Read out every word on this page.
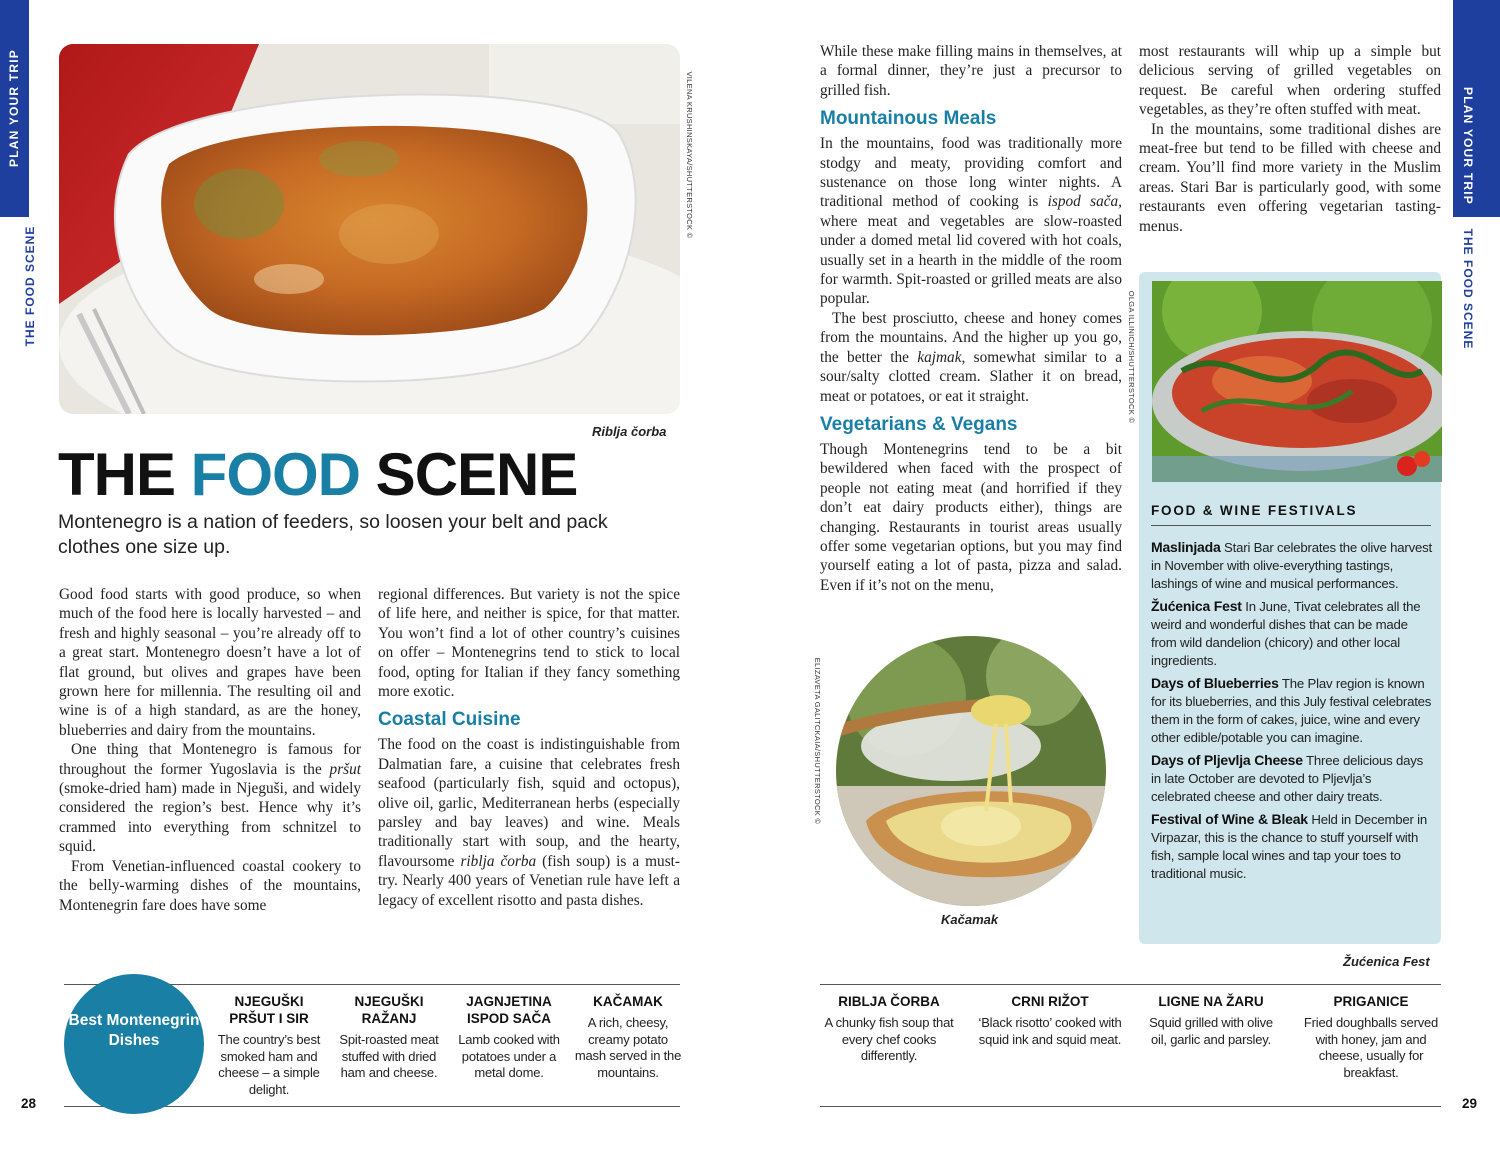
PLAN YOUR TRIP
THE FOOD SCENE
VILENA KRUSHINSKAYA/SHUTTERSTOCK ©
Riblja čorba
THE FOOD SCENE
Montenegro is a nation of feeders, so loosen your belt and pack clothes one size up.

Good food starts with good produce, so when much of the food here is locally harvested – and fresh and highly seasonal – you’re already off to a great start. Montenegro doesn’t have a lot of flat ground, but olives and grapes have been grown here for millennia. The resulting oil and wine is of a high standard, as are the honey, blueberries and dairy from the mountains.

One thing that Montenegro is famous for throughout the former Yugoslavia is the pršut (smoke-dried ham) made in Njeguši, and widely considered the region’s best. Hence why it’s crammed into everything from schnitzel to squid.

From Venetian-influenced coastal cookery to the belly-warming dishes of the mountains, Montenegrin fare does have some

regional differences. But variety is not the spice of life here, and neither is spice, for that matter. You won’t find a lot of other country’s cuisines on offer – Montenegrins tend to stick to local food, opting for Italian if they fancy something more exotic.

Coastal Cuisine

The food on the coast is indistinguishable from Dalmatian fare, a cuisine that celebrates fresh seafood (particularly fish, squid and octopus), olive oil, garlic, Mediterranean herbs (especially parsley and bay leaves) and wine. Meals traditionally start with soup, and the hearty, flavoursome riblja čorba (fish soup) is a must-try. Nearly 400 years of Venetian rule have left a legacy of excellent risotto and pasta dishes.

Best Montenegrin Dishes
NJEGUŠKI PRŠUT I SIR
The country’s best smoked ham and cheese – a simple delight.
NJEGUŠKI RAŽANJ
Spit-roasted meat stuffed with dried ham and cheese.
JAGNJETINA ISPOD SAČA
Lamb cooked with potatoes under a metal dome.
KAČAMAK
A rich, cheesy, creamy potato mash served in the mountains.
28

While these make filling mains in themselves, at a formal dinner, they’re just a precursor to grilled fish.

Mountainous Meals

In the mountains, food was traditionally more stodgy and meaty, providing comfort and sustenance on those long winter nights. A traditional method of cooking is ispod sača, where meat and vegetables are slow-roasted under a domed metal lid covered with hot coals, usually set in a hearth in the middle of the room for warmth. Spit-roasted or grilled meats are also popular.

The best prosciutto, cheese and honey comes from the mountains. And the higher up you go, the better the kajmak, somewhat similar to a sour/salty clotted cream. Slather it on bread, meat or potatoes, or eat it straight.

Vegetarians & Vegans

Though Montenegrins tend to be a bit bewildered when faced with the prospect of people not eating meat (and horrified if they don’t eat dairy products either), things are changing. Restaurants in tourist areas usually offer some vegetarian options, but you may find yourself eating a lot of pasta, pizza and salad. Even if it’s not on the menu,

most restaurants will whip up a simple but delicious serving of grilled vegetables on request. Be careful when ordering stuffed vegetables, as they’re often stuffed with meat.

In the mountains, some traditional dishes are meat-free but tend to be filled with cheese and cream. You’ll find more variety in the Muslim areas. Stari Bar is particularly good, with some restaurants even offering vegetarian tasting-menus.

ELIZAVETA GALITCKAIA/SHUTTERSTOCK ©
Kačamak
OLGA ILLINICH/SHUTTERSTOCK ©
FOOD & WINE FESTIVALS
Maslinjada Stari Bar celebrates the olive harvest in November with olive-everything tastings, lashings of wine and musical performances.
Žućenica Fest In June, Tivat celebrates all the weird and wonderful dishes that can be made from wild dandelion (chicory) and other local ingredients.
Days of Blueberries The Plav region is known for its blueberries, and this July festival celebrates them in the form of cakes, juice, wine and every other edible/potable you can imagine.
Days of Pljevlja Cheese Three delicious days in late October are devoted to Pljevlja’s celebrated cheese and other dairy treats.
Festival of Wine & Bleak Held in December in Virpazar, this is the chance to stuff yourself with fish, sample local wines and tap your toes to traditional music.
Žućenica Fest
RIBLJA ČORBA
A chunky fish soup that every chef cooks differently.
CRNI RIŽOT
‘Black risotto’ cooked with squid ink and squid meat.
LIGNE NA ŽARU
Squid grilled with olive oil, garlic and parsley.
PRIGANICE
Fried doughballs served with honey, jam and cheese, usually for breakfast.
29
PLAN YOUR TRIP
THE FOOD SCENE
